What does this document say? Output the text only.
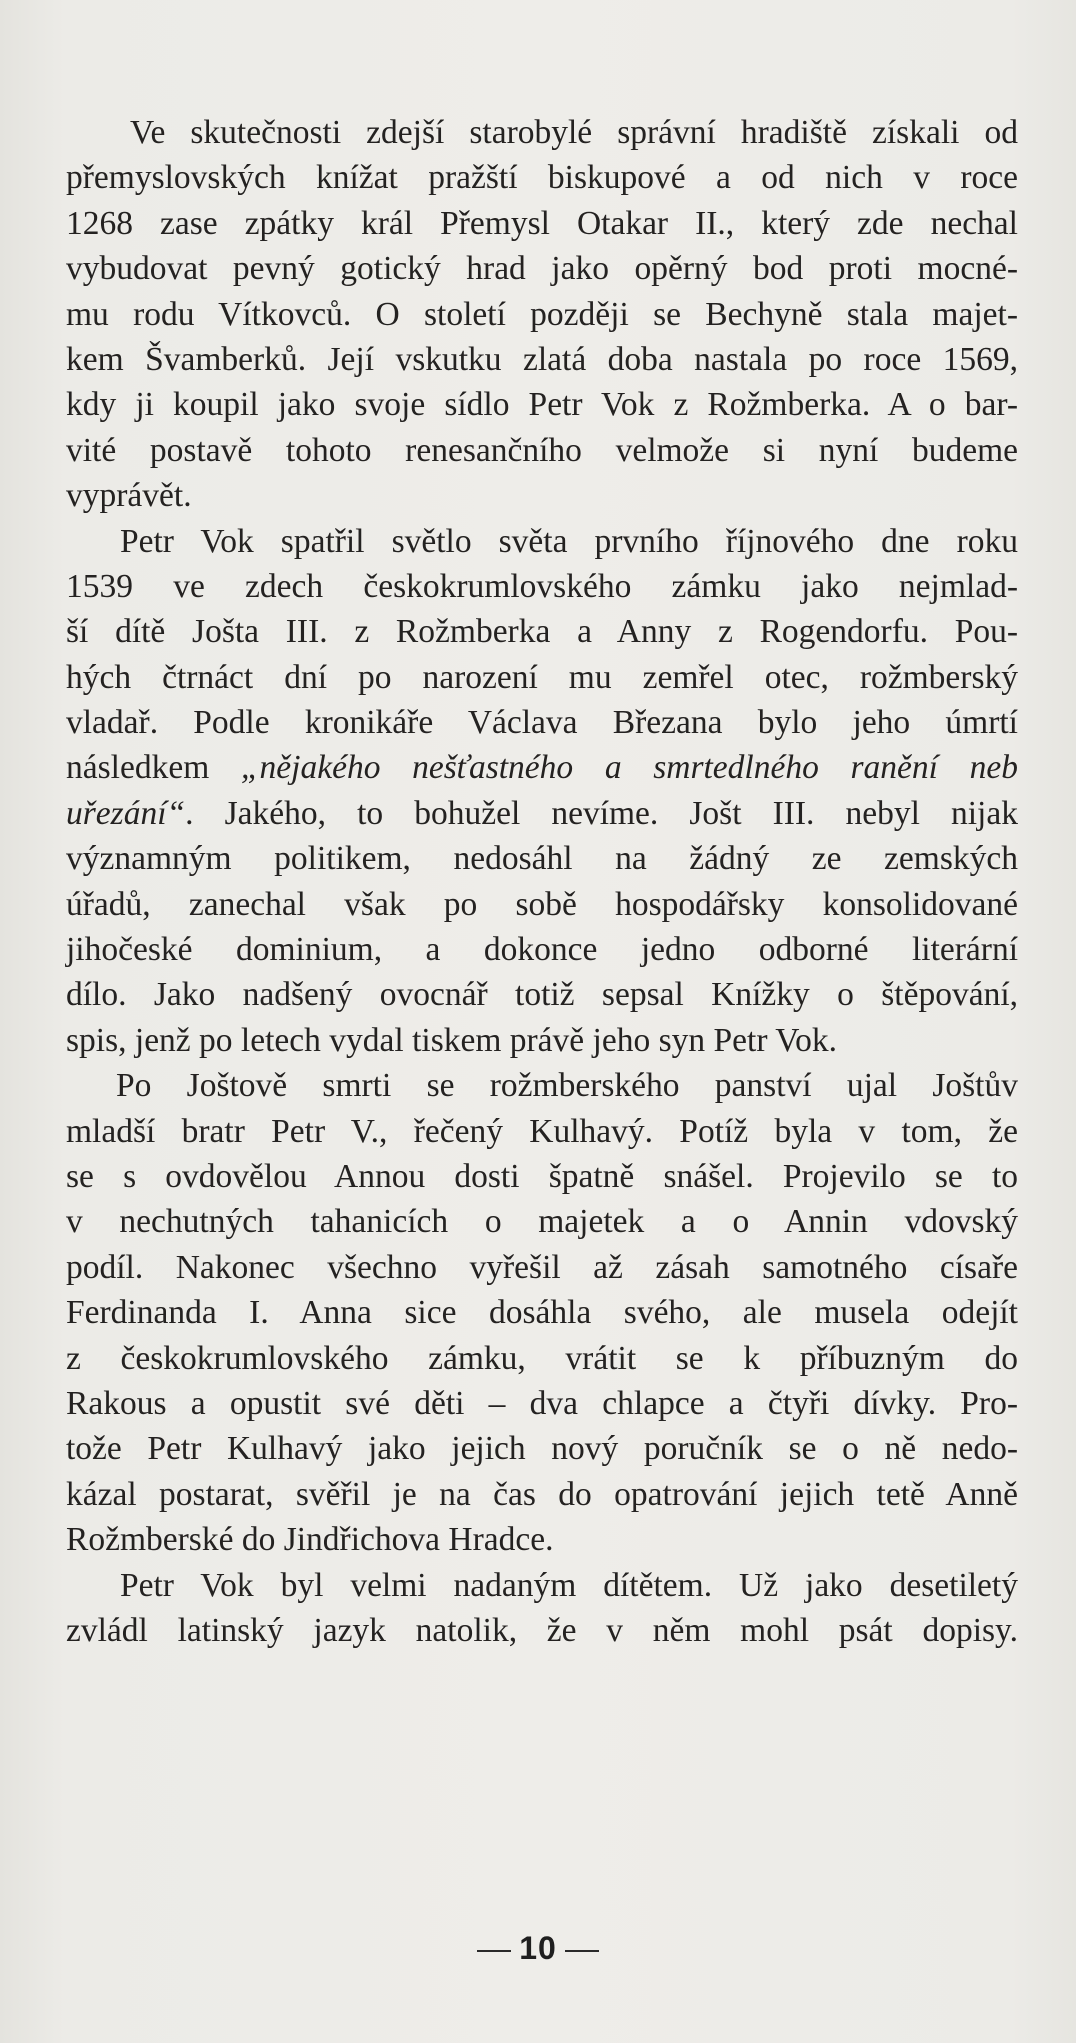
Ve skutečnosti zdejší starobylé správní hradiště získali od
přemyslovských knížat pražští biskupové a od nich v roce
1268 zase zpátky král Přemysl Otakar II., který zde nechal
vybudovat pevný gotický hrad jako opěrný bod proti mocné-
mu rodu Vítkovců. O století později se Bechyně stala majet-
kem Švamberků. Její vskutku zlatá doba nastala po roce 1569,
kdy ji koupil jako svoje sídlo Petr Vok z Rožmberka. A o bar-
vité postavě tohoto renesančního velmože si nyní budeme
vyprávět.
Petr Vok spatřil světlo světa prvního říjnového dne roku
1539 ve zdech českokrumlovského zámku jako nejmlad-
ší dítě Jošta III. z Rožmberka a Anny z Rogendorfu. Pou-
hých čtrnáct dní po narození mu zemřel otec, rožmberský
vladař. Podle kronikáře Václava Březana bylo jeho úmrtí
následkem „nějakého nešťastného a smrtedlného ranění neb
uřezání“. Jakého, to bohužel nevíme. Jošt III. nebyl nijak
významným politikem, nedosáhl na žádný ze zemských
úřadů, zanechal však po sobě hospodářsky konsolidované
jihočeské dominium, a dokonce jedno odborné literární
dílo. Jako nadšený ovocnář totiž sepsal Knížky o štěpování,
spis, jenž po letech vydal tiskem právě jeho syn Petr Vok.
Po Joštově smrti se rožmberského panství ujal Joštův
mladší bratr Petr V., řečený Kulhavý. Potíž byla v tom, že
se s ovdovělou Annou dosti špatně snášel. Projevilo se to
v nechutných tahanicích o majetek a o Annin vdovský
podíl. Nakonec všechno vyřešil až zásah samotného císaře
Ferdinanda I. Anna sice dosáhla svého, ale musela odejít
z českokrumlovského zámku, vrátit se k příbuzným do
Rakous a opustit své děti – dva chlapce a čtyři dívky. Pro-
tože Petr Kulhavý jako jejich nový poručník se o ně nedo-
kázal postarat, svěřil je na čas do opatrování jejich tetě Anně
Rožmberské do Jindřichova Hradce.
Petr Vok byl velmi nadaným dítětem. Už jako desetiletý
zvládl latinský jazyk natolik, že v něm mohl psát dopisy.
10
